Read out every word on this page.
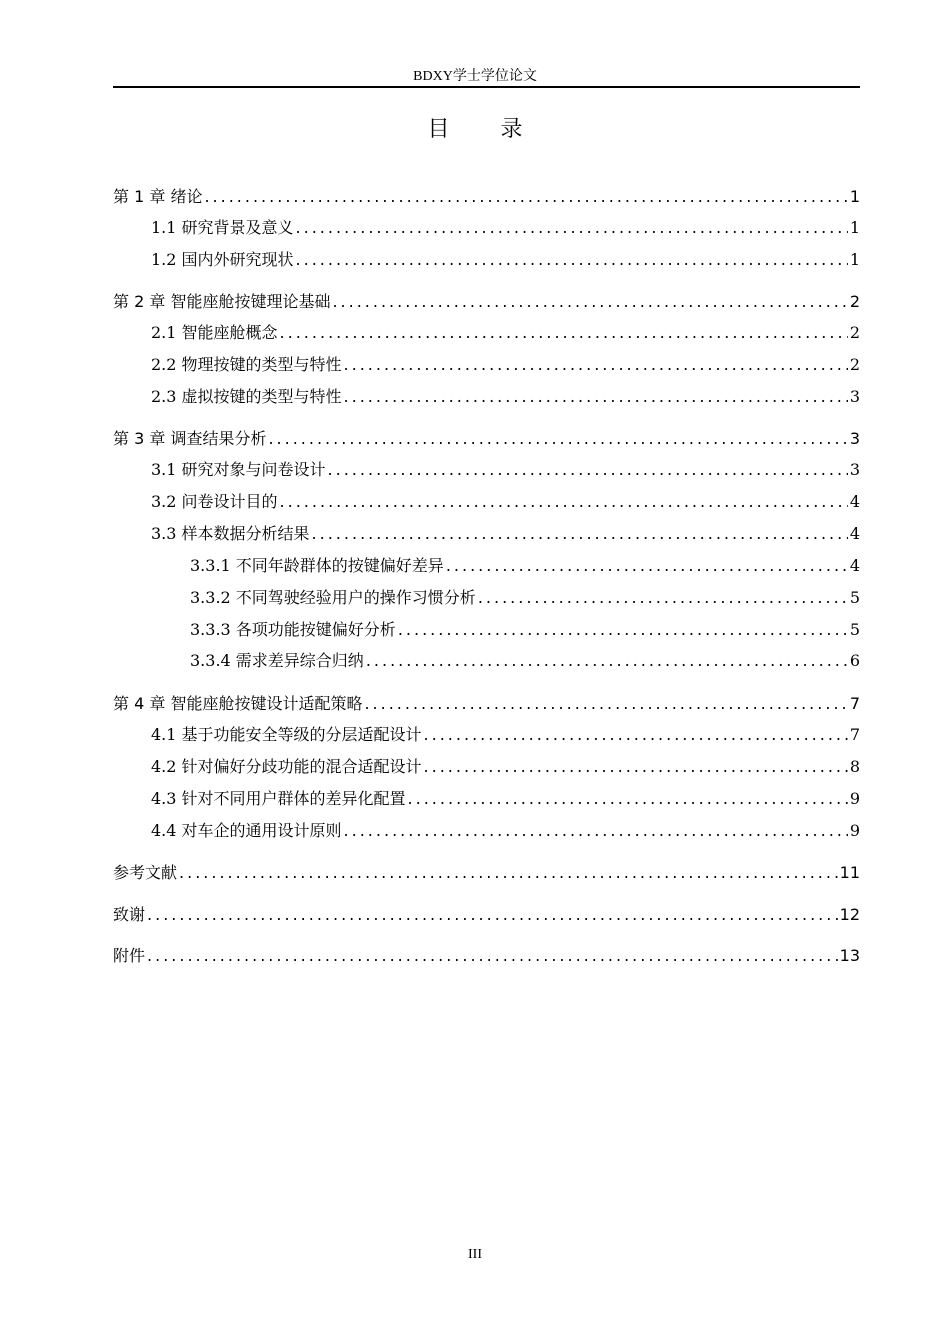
BDXY学士学位论文
目 录
第 1 章 绪论 .....	1
1.1 研究背景及意义 .....	1
1.2 国内外研究现状 .....	1
第 2 章 智能座舱按键理论基础 .....	2
2.1 智能座舱概念 .....	2
2.2 物理按键的类型与特性 .....	2
2.3 虚拟按键的类型与特性 .....	3
第 3 章 调查结果分析 .....	3
3.1 研究对象与问卷设计 .....	3
3.2 问卷设计目的 .....	4
3.3 样本数据分析结果 .....	4
3.3.1 不同年龄群体的按键偏好差异 .....	4
3.3.2 不同驾驶经验用户的操作习惯分析 .....	5
3.3.3 各项功能按键偏好分析 .....	5
3.3.4 需求差异综合归纳 .....	6
第 4 章 智能座舱按键设计适配策略 .....	7
4.1 基于功能安全等级的分层适配设计 .....	7
4.2 针对偏好分歧功能的混合适配设计 .....	8
4.3 针对不同用户群体的差异化配置 .....	9
4.4 对车企的通用设计原则 .....	9
参考文献 .....	11
致谢 .....	12
附件 .....	13
III
